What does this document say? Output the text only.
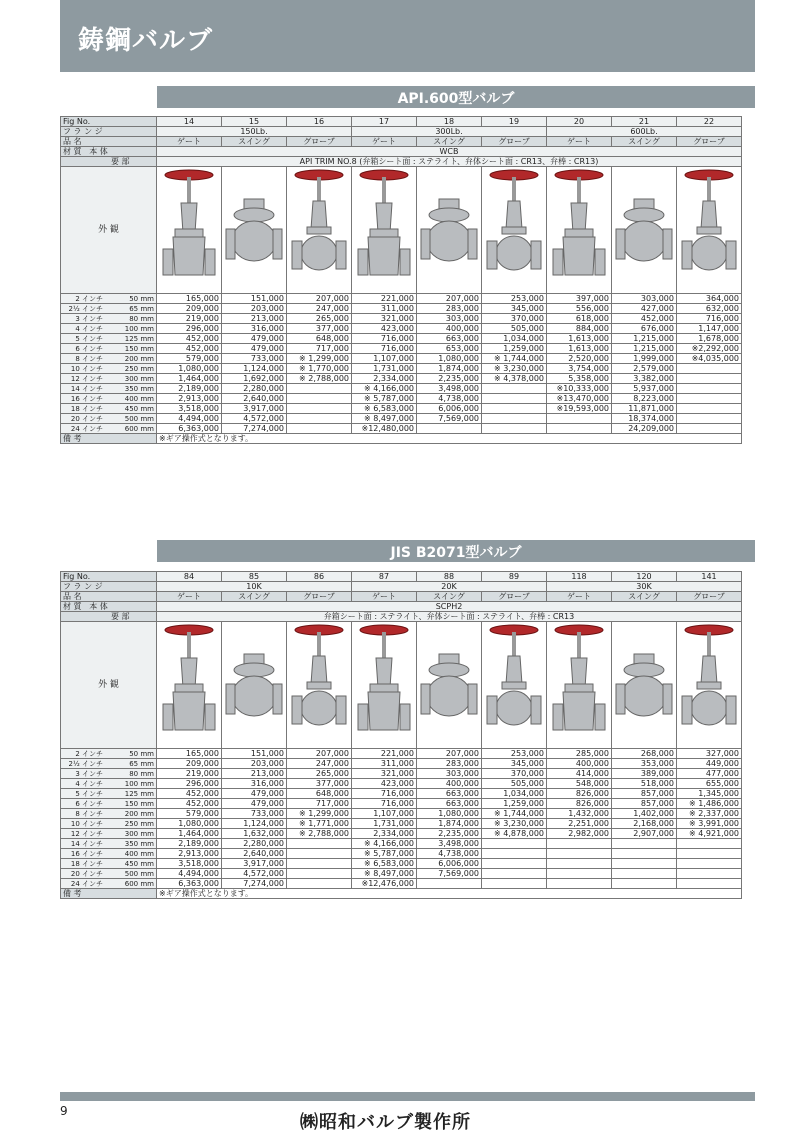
鋳鋼バルブ
API.600型バルブ
Fig No.	14	15	16	17	18	19	20	21	22	
フ ラ ン ジ	150Lb.			300Lb.			600Lb.			
品 名	ゲート	スイング	グローブ	ゲート	スイング	グローブ	ゲート	スイング	グローブ	
材 質 本 体	WCB									
要 部	API TRIM NO.8 (弁箱シート面 : ステライト、弁体シート面 : CR13、弁棒 : CR13)									
外 観										

2 インチ 50 mm	165,000	151,000	207,000	221,000	207,000	253,000	397,000	303,000	364,000	

2½ インチ 65 mm	209,000	203,000	247,000	311,000	283,000	345,000	556,000	427,000	632,000	

3 インチ 80 mm	219,000	213,000	265,000	321,000	303,000	370,000	618,000	452,000	716,000	

4 インチ 100 mm	296,000	316,000	377,000	423,000	400,000	505,000	884,000	676,000	1,147,000	

5 インチ 125 mm	452,000	479,000	648,000	716,000	663,000	1,034,000	1,613,000	1,215,000	1,678,000	

6 インチ 150 mm	452,000	479,000	717,000	716,000	653,000	1,259,000	1,613,000	1,215,000	※2,292,000	

8 インチ 200 mm	579,000	733,000	※ 1,299,000	1,107,000	1,080,000	※ 1,744,000	2,520,000	1,999,000	※4,035,000	

10 インチ 250 mm	1,080,000	1,124,000	※ 1,770,000	1,731,000	1,874,000	※ 3,230,000	3,754,000	2,579,000		

12 インチ 300 mm	1,464,000	1,692,000	※ 2,788,000	2,334,000	2,235,000	※ 4,378,000	5,358,000	3,382,000		

14 インチ 350 mm	2,189,000	2,280,000		※ 4,166,000	3,498,000		※10,333,000	5,937,000		

16 インチ 400 mm	2,913,000	2,640,000		※ 5,787,000	4,738,000		※13,470,000	8,223,000		

18 インチ 450 mm	3,518,000	3,917,000		※ 6,583,000	6,006,000		※19,593,000	11,871,000		

20 インチ 500 mm	4,494,000	4,572,000		※ 8,497,000	7,569,000			18,374,000		

24 インチ 600 mm	6,363,000	7,274,000		※12,480,000				24,209,000		
備 考	※ギア操作式となります。									
JIS B2071型バルブ
Fig No.	84	85	86	87	88	89	118	120	141	
フ ラ ン ジ	10K			20K			30K			
品 名	ゲート	スイング	グローブ	ゲート	スイング	グローブ	ゲート	スイング	グローブ	
材 質 本 体	SCPH2									
要 部	弁箱シート面 : ステライト、弁体シート面 : ステライト、弁棒 : CR13									
外 観										

2 インチ 50 mm	165,000	151,000	207,000	221,000	207,000	253,000	285,000	268,000	327,000	

2½ インチ 65 mm	209,000	203,000	247,000	311,000	283,000	345,000	400,000	353,000	449,000	

3 インチ 80 mm	219,000	213,000	265,000	321,000	303,000	370,000	414,000	389,000	477,000	

4 インチ 100 mm	296,000	316,000	377,000	423,000	400,000	505,000	548,000	518,000	655,000	

5 インチ 125 mm	452,000	479,000	648,000	716,000	663,000	1,034,000	826,000	857,000	1,345,000	

6 インチ 150 mm	452,000	479,000	717,000	716,000	663,000	1,259,000	826,000	857,000	※ 1,486,000	

8 インチ 200 mm	579,000	733,000	※ 1,299,000	1,107,000	1,080,000	※ 1,744,000	1,432,000	1,402,000	※ 2,337,000	

10 インチ 250 mm	1,080,000	1,124,000	※ 1,771,000	1,731,000	1,874,000	※ 3,230,000	2,251,000	2,168,000	※ 3,991,000	

12 インチ 300 mm	1,464,000	1,632,000	※ 2,788,000	2,334,000	2,235,000	※ 4,878,000	2,982,000	2,907,000	※ 4,921,000	

14 インチ 350 mm	2,189,000	2,280,000		※ 4,166,000	3,498,000					

16 インチ 400 mm	2,913,000	2,640,000		※ 5,787,000	4,738,000					

18 インチ 450 mm	3,518,000	3,917,000		※ 6,583,000	6,006,000					

20 インチ 500 mm	4,494,000	4,572,000		※ 8,497,000	7,569,000					

24 インチ 600 mm	6,363,000	7,274,000		※12,476,000						
備 考	※ギア操作式となります。									
9
㈱昭和バルブ製作所
